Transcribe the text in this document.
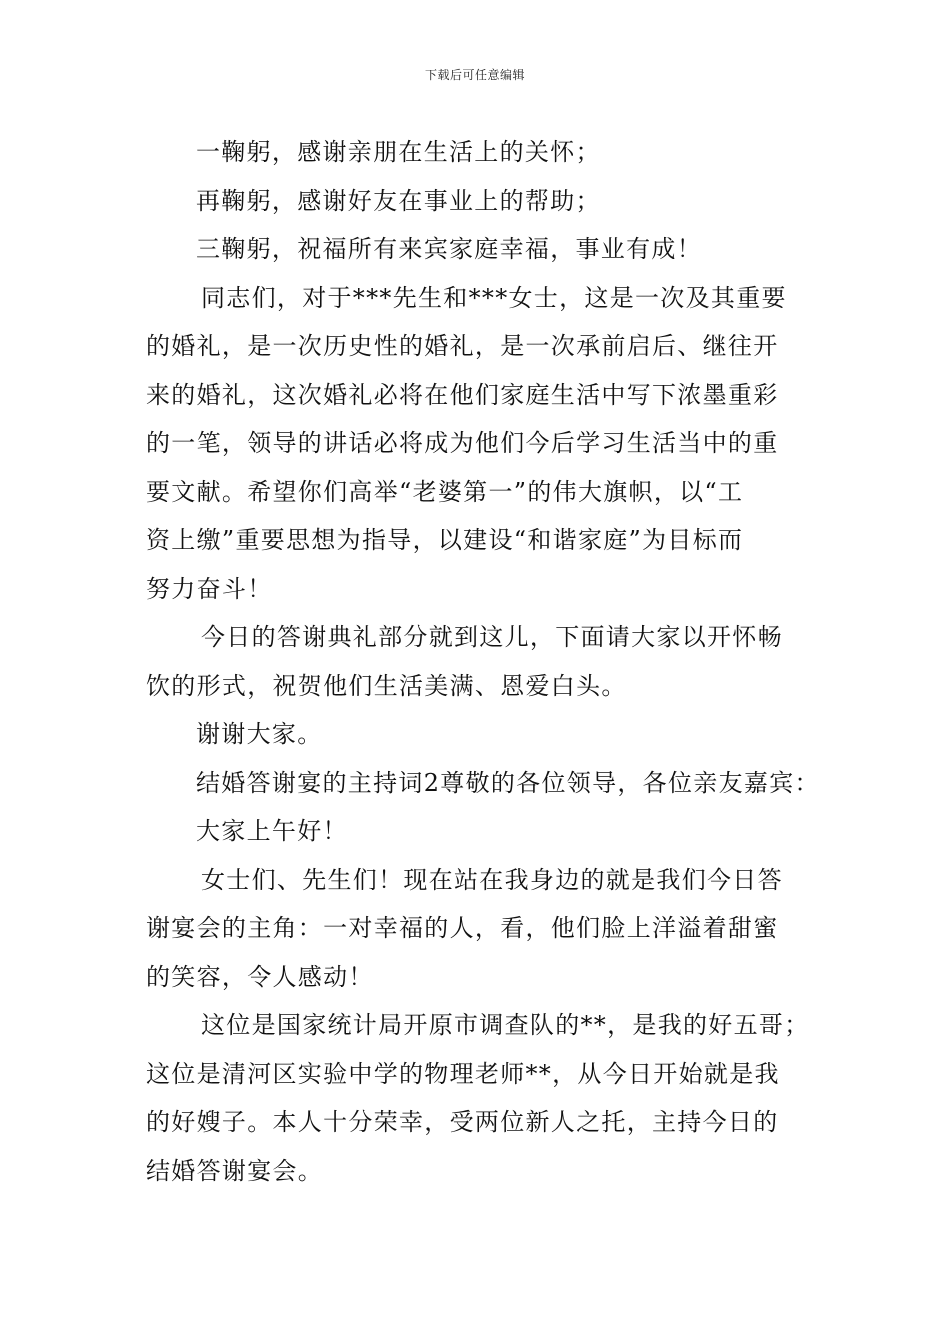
下载后可任意编辑
一鞠躬，感谢亲朋在生活上的关怀；
再鞠躬，感谢好友在事业上的帮助；
三鞠躬，祝福所有来宾家庭幸福，事业有成！
同志们，对于***先生和***女士，这是一次及其重要
的婚礼，是一次历史性的婚礼，是一次承前启后、继往开
来的婚礼，这次婚礼必将在他们家庭生活中写下浓墨重彩
的一笔，领导的讲话必将成为他们今后学习生活当中的重
要文献。希望你们高举“老婆第一”的伟大旗帜，以“工
资上缴”重要思想为指导，以建设“和谐家庭”为目标而
努力奋斗！
今日的答谢典礼部分就到这儿，下面请大家以开怀畅
饮的形式，祝贺他们生活美满、恩爱白头。
谢谢大家。
结婚答谢宴的主持词2尊敬的各位领导，各位亲友嘉宾：
大家上午好！
女士们、先生们！现在站在我身边的就是我们今日答
谢宴会的主角：一对幸福的人，看，他们脸上洋溢着甜蜜
的笑容，令人感动！
这位是国家统计局开原市调查队的**，是我的好五哥；
这位是清河区实验中学的物理老师**，从今日开始就是我
的好嫂子。本人十分荣幸，受两位新人之托，主持今日的
结婚答谢宴会。
